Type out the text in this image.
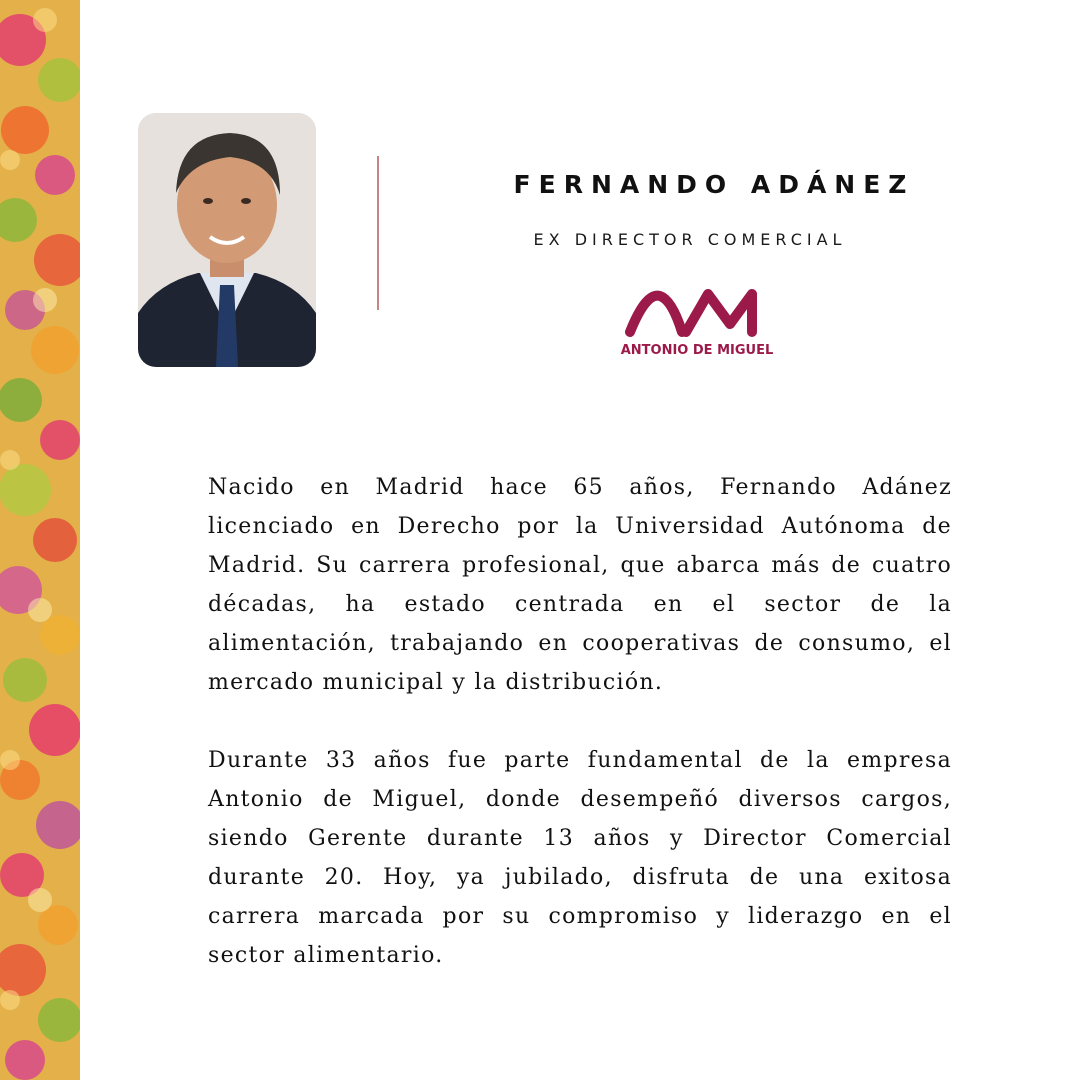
FERNANDO ADÁNEZ
EX DIRECTOR COMERCIAL
ANTONIO DE MIGUEL

Nacido en Madrid hace 65 años, Fernando Adánez licenciado en Derecho por la Universidad Autónoma de Madrid. Su carrera profesional, que abarca más de cuatro décadas, ha estado centrada en el sector de la alimentación, trabajando en cooperativas de consumo, el mercado municipal y la distribución.

Durante 33 años fue parte fundamental de la empresa Antonio de Miguel, donde desempeñó diversos cargos, siendo Gerente durante 13 años y Director Comercial durante 20. Hoy, ya jubilado, disfruta de una exitosa carrera marcada por su compromiso y liderazgo en el sector alimentario.
